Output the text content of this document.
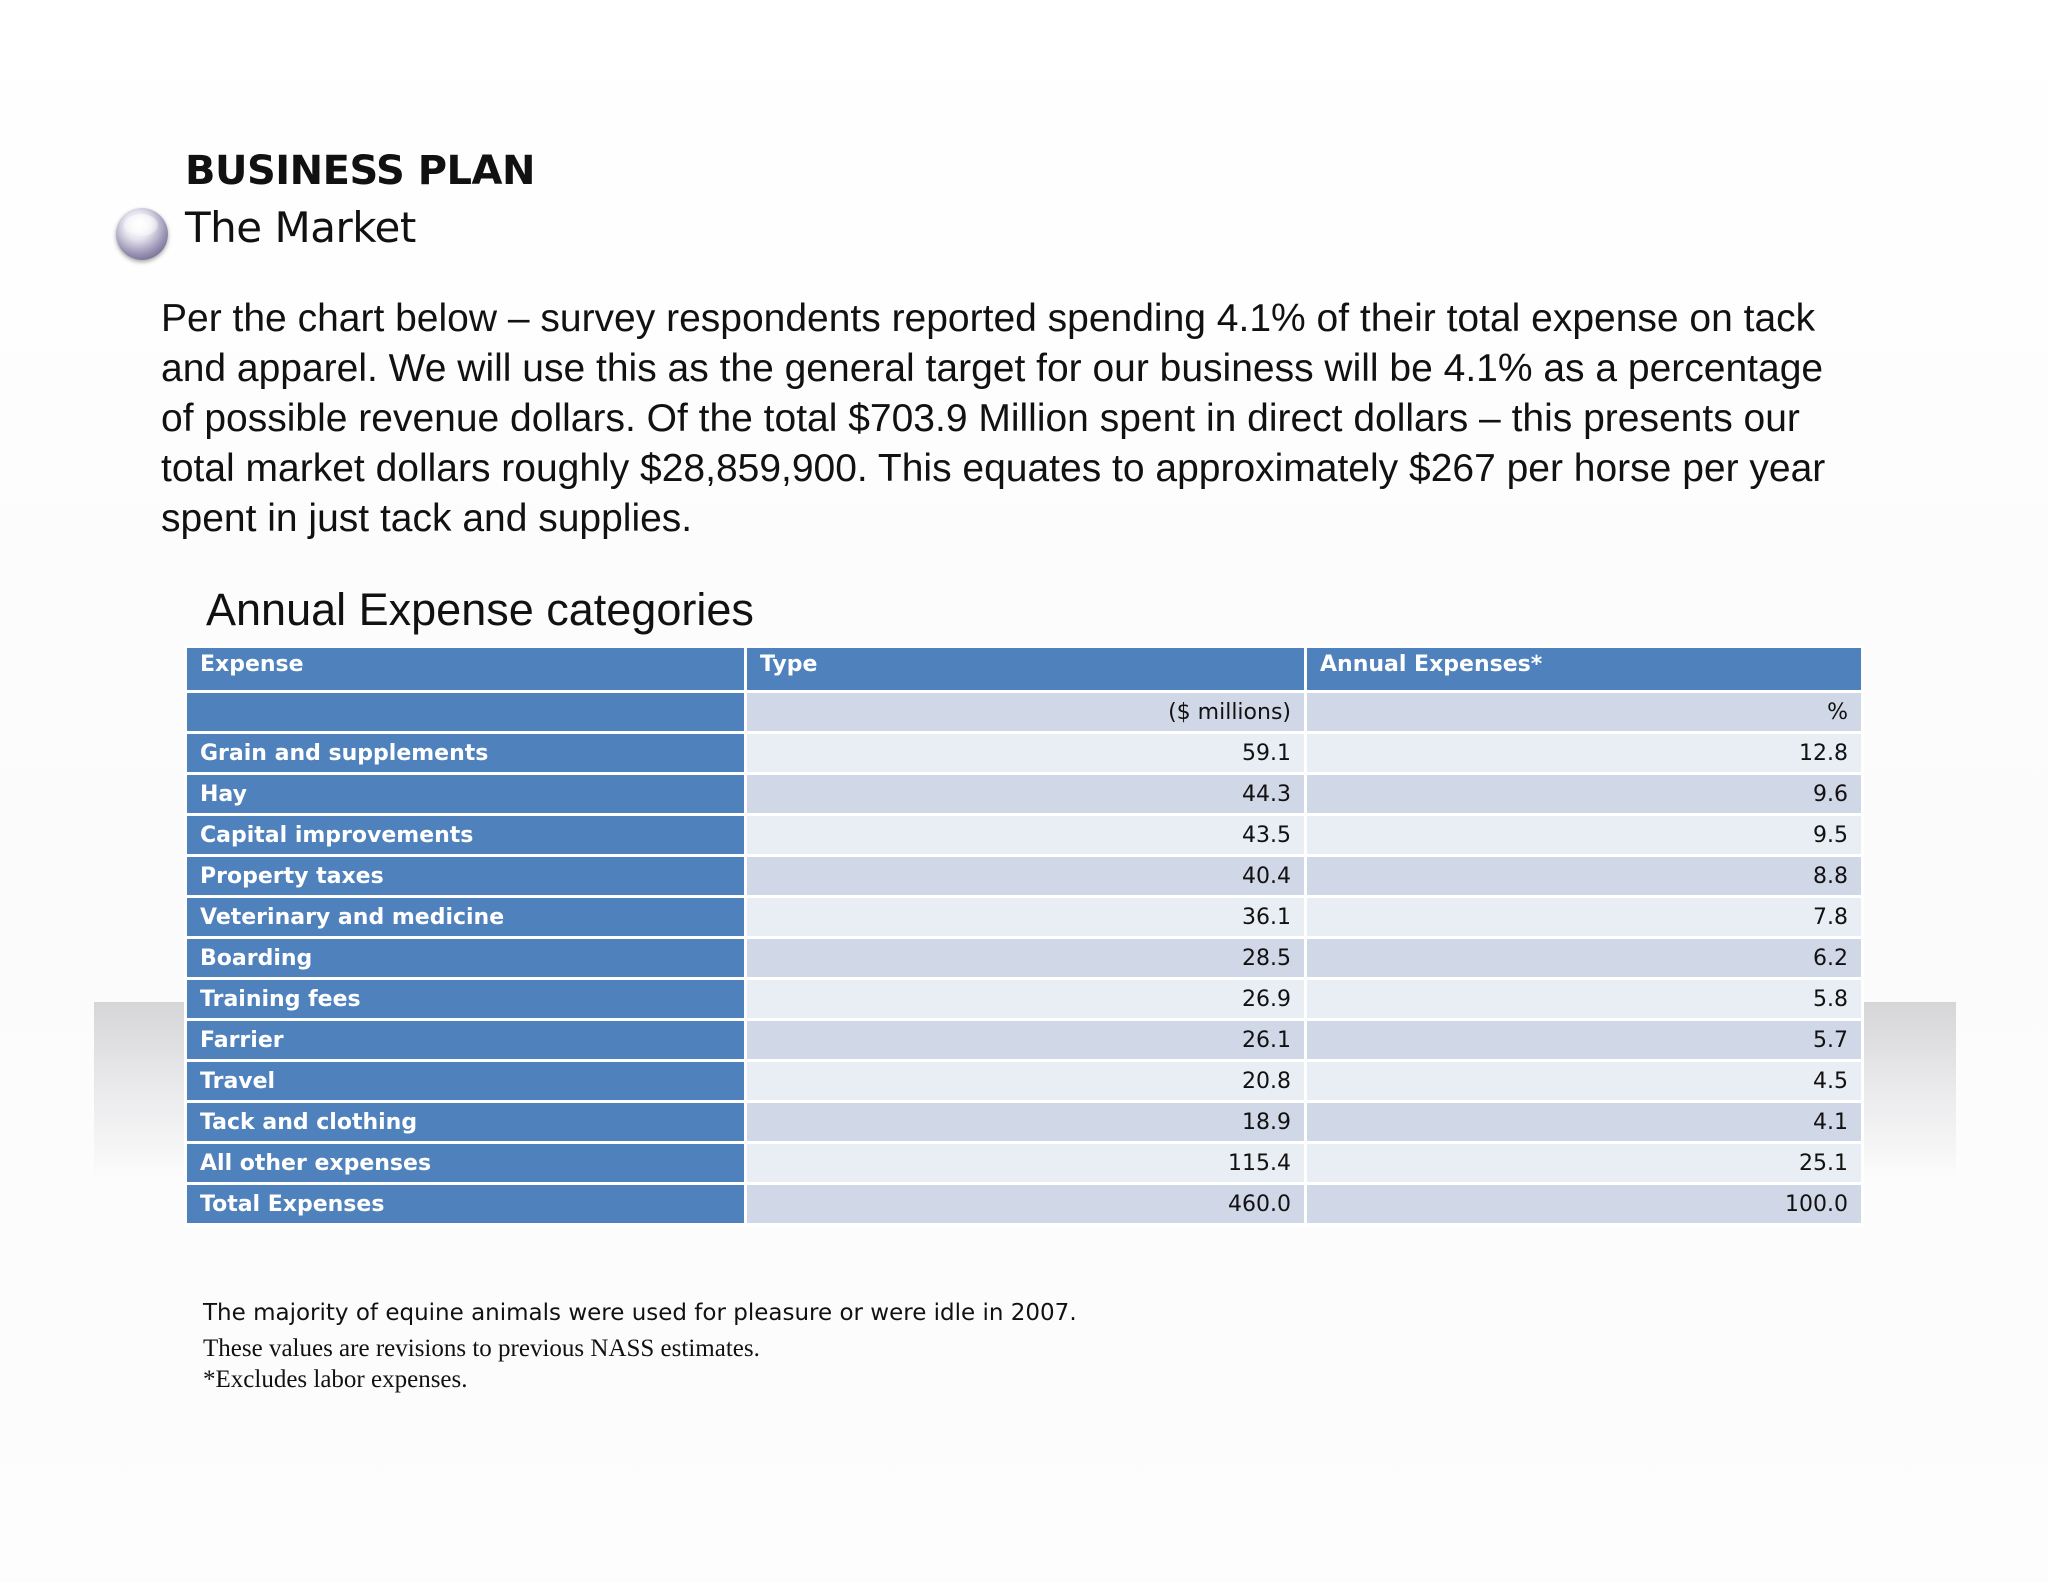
BUSINESS PLAN
The Market

Per the chart below – survey respondents reported spending 4.1% of their total expense on tack and apparel. We will use this as the general target for our business will be 4.1% as a percentage of possible revenue dollars. Of the total $703.9 Million spent in direct dollars – this presents our total market dollars roughly $28,859,900. This equates to approximately $267 per horse per year spent in just tack and supplies.

Annual Expense categories
Expense	Type	Annual Expenses*
	($ millions)	%
Grain and supplements	59.1	12.8
Hay	44.3	9.6
Capital improvements	43.5	9.5
Property taxes	40.4	8.8
Veterinary and medicine	36.1	7.8
Boarding	28.5	6.2
Training fees	26.9	5.8
Farrier	26.1	5.7
Travel	20.8	4.5
Tack and clothing	18.9	4.1
All other expenses	115.4	25.1
Total Expenses	460.0	100.0

The majority of equine animals were used for pleasure or were idle in 2007.

These values are revisions to previous NASS estimates.

*Excludes labor expenses.
